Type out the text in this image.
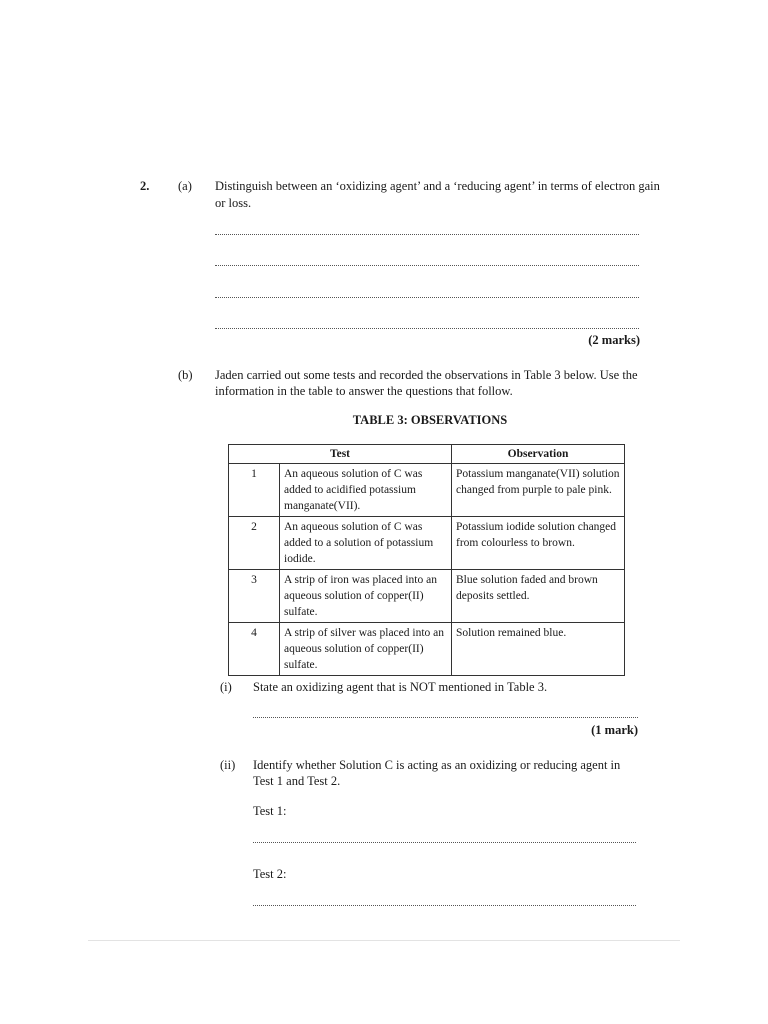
2. (a) Distinguish between an ‘oxidizing agent’ and a ‘reducing agent’ in terms of electron gain
or loss.
(2 marks)
(b) Jaden carried out some tests and recorded the observations in Table 3 below. Use the
information in the table to answer the questions that follow.
TABLE 3: OBSERVATIONS
Test		Observation
1	An aqueous solution of C was added to acidified potassium manganate(VII).	Potassium manganate(VII) solution changed from purple to pale pink.
2	An aqueous solution of C was added to a solution of potassium iodide.	Potassium iodide solution changed from colourless to brown.
3	A strip of iron was placed into an aqueous solution of copper(II) sulfate.	Blue solution faded and brown deposits settled.
4	A strip of silver was placed into an aqueous solution of copper(II) sulfate.	Solution remained blue.
(i) State an oxidizing agent that is NOT mentioned in Table 3.
(1 mark)
(ii) Identify whether Solution C is acting as an oxidizing or reducing agent in
Test 1 and Test 2.
Test 1:
Test 2:
